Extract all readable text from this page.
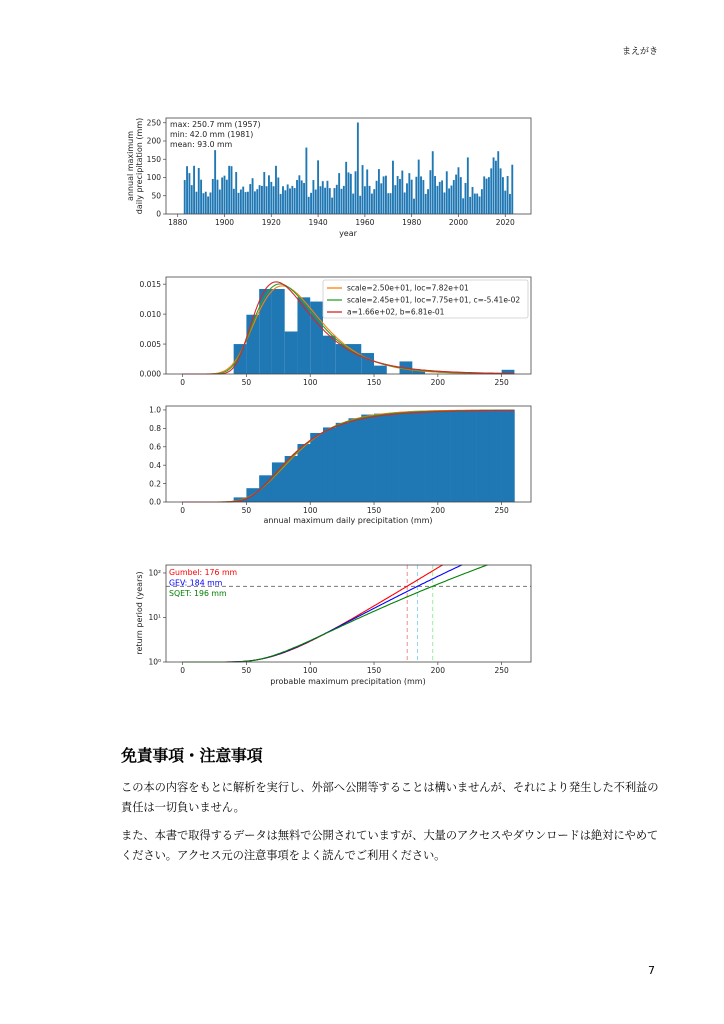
まえがき
1880	1900	1920	1940	1960	1980	2000	2020
0
50
100
150
200
250 max: 250.7 mm (1957)
min: 42.0 mm (1981)
mean: 93.0 mm
year
annual maximum daily precipitation (mm)
0	50	100	150	200	250
0.000
0.005
0.010
0.015	scale=2.50e+01, loc=7.82e+01
scale=2.45e+01, loc=7.75e+01, c=-5.41e-02
a=1.66e+02, b=6.81e-01
0	50	100	150	200	250
0.0
0.2
0.4
0.6
0.8
1.0
annual maximum daily precipitation (mm)
0	50	100	150	200	250
10⁰
10¹
10² Gumbel: 176 mm
GEV: 184 mm
SQET: 196 mm
probable maximum precipitation (mm)
return period (years)
免責事項・注意事項
この本の内容をもとに解析を実行し、外部へ公開等することは構いませんが、それにより発生した不利益の責任は一切負いません。
また、本書で取得するデータは無料で公開されていますが、大量のアクセスやダウンロードは絶対にやめてください。アクセス元の注意事項をよく読んでご利用ください。
7
